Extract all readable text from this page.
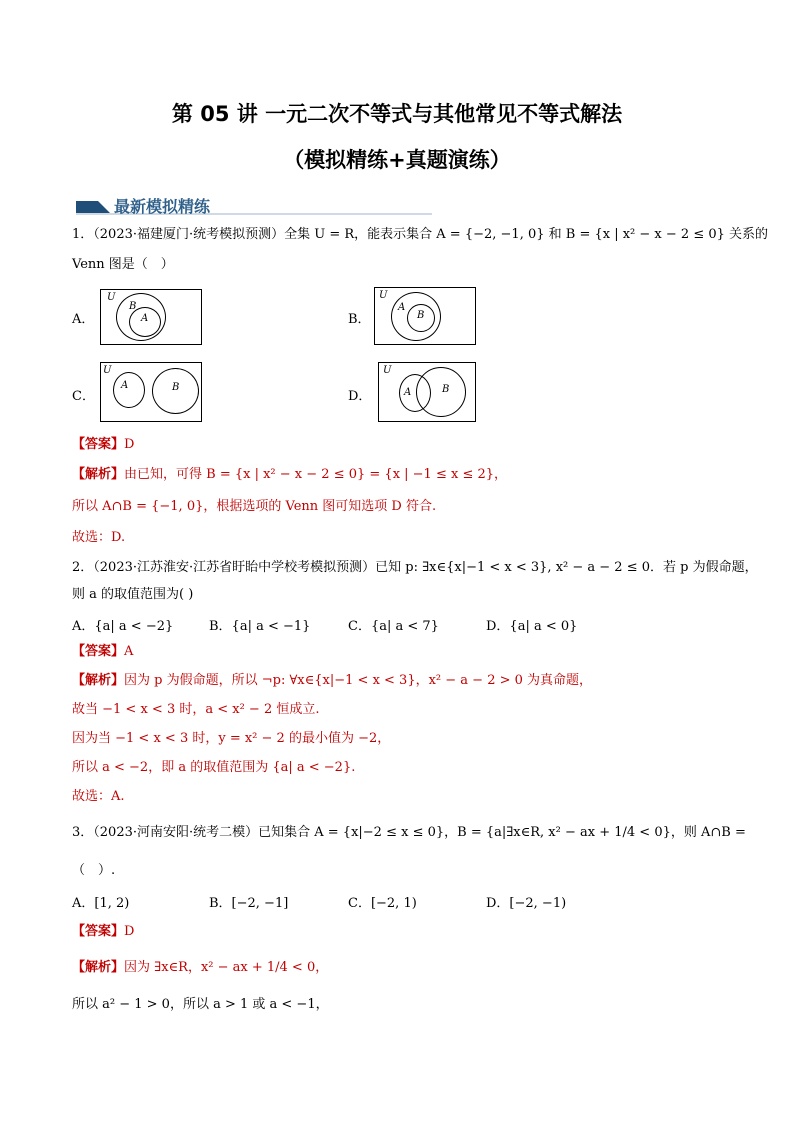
第 05 讲 一元二次不等式与其他常见不等式解法
（模拟精练+真题演练）
最新模拟精练
1．（2023·福建厦门·统考模拟预测）全集 U = R，能表示集合 A = {−2, −1, 0} 和 B = {x | x² − x − 2 ≤ 0} 关系的
Venn 图是（　）
A．
U
B
A	B．
U
A
B
C．
U
A	B
D．
U
A	B
【答案】D
【解析】由已知，可得 B = {x | x² − x − 2 ≤ 0} = {x | −1 ≤ x ≤ 2}，
所以 A∩B = {−1, 0}，根据选项的 Venn 图可知选项 D 符合.
故选：D.
2．（2023·江苏淮安·江苏省盱眙中学校考模拟预测）已知 p: ∃x∈{x|−1 < x < 3}, x² − a − 2 ≤ 0．若 p 为假命题，
则 a 的取值范围为( )
A．{a| a < −2}	B．{a| a < −1}	C．{a| a < 7}	D．{a| a < 0}
【答案】A
【解析】因为 p 为假命题，所以 ¬p: ∀x∈{x|−1 < x < 3}，x² − a − 2 > 0 为真命题，
故当 −1 < x < 3 时，a < x² − 2 恒成立.
因为当 −1 < x < 3 时，y = x² − 2 的最小值为 −2，
所以 a < −2，即 a 的取值范围为 {a| a < −2}.
故选：A.
3．（2023·河南安阳·统考二模）已知集合 A = {x|−2 ≤ x ≤ 0}，B = {a|∃x∈R, x² − ax + 1/4 < 0}，则 A∩B =
（　）.
A．[1, 2)	B．[−2, −1]	C．[−2, 1)	D．[−2, −1)
【答案】D
【解析】因为 ∃x∈R，x² − ax + 1/4 < 0，
所以 a² − 1 > 0，所以 a > 1 或 a < −1，
